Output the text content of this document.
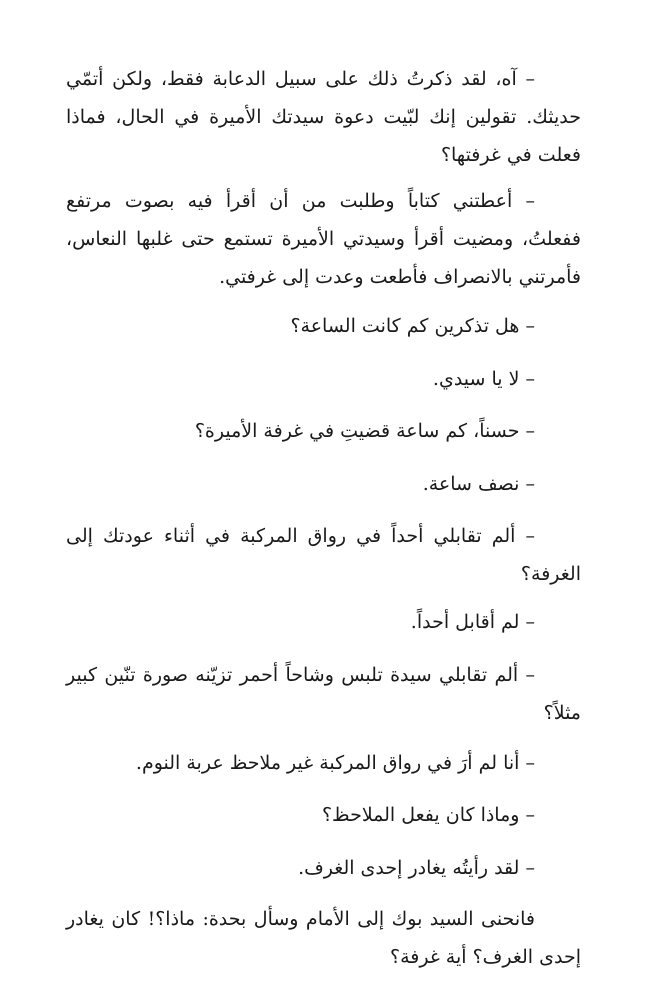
– آه، لقد ذكرتُ ذلك على سبيل الدعابة فقط، ولكن أتمّي حديثك. تقولين إنك لبّيت دعوة سيدتك الأميرة في الحال، فماذا فعلت في غرفتها؟

– أعطتني كتاباً وطلبت من أن أقرأ فيه بصوت مرتفع ففعلتُ، ومضيت أقرأ وسيدتي الأميرة تستمع حتى غلبها النعاس، فأمرتني بالانصراف فأطعت وعدت إلى غرفتي.

– هل تذكرين كم كانت الساعة؟

– لا يا سيدي.

– حسناً، كم ساعة قضيتِ في غرفة الأميرة؟

– نصف ساعة.

– ألم تقابلي أحداً في رواق المركبة في أثناء عودتك إلى الغرفة؟

– لم أقابل أحداً.

– ألم تقابلي سيدة تلبس وشاحاً أحمر تزيّنه صورة تنّين كبير مثلاً؟

– أنا لم أرَ في رواق المركبة غير ملاحظ عربة النوم.

– وماذا كان يفعل الملاحظ؟

– لقد رأيتُه يغادر إحدى الغرف.

فانحنى السيد بوك إلى الأمام وسأل بحدة: ماذا؟! كان يغادر إحدى الغرف؟ أية غرفة؟
